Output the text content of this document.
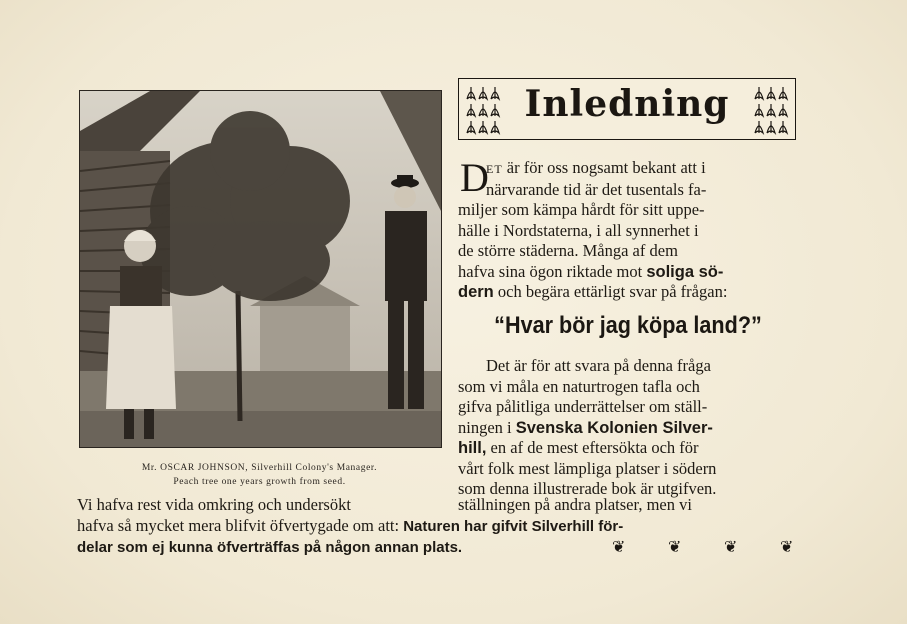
Mr. OSCAR JOHNSON, Silverhill Colony's Manager.
Peach tree one years growth from seed.
Inledning
D
ET är för oss nogsamt bekant att i
närvarande tid är det tusentals fa-
miljer som kämpa hårdt för sitt uppe-
hälle i Nordstaterna, i all synnerhet i
de större städerna. Många af dem
hafva sina ögon riktade mot soliga sö-
dern och begära ettärligt svar på frågan:
“Hvar bör jag köpa land?”
Det är för att svara på denna fråga
som vi måla en naturtrogen tafla och
gifva pålitliga underrättelser om ställ-
ningen i Svenska Kolonien Silver-
hill, en af de mest eftersökta och för
vårt folk mest lämpliga platser i södern
som denna illustrerade bok är utgifven.
Vi hafva rest vida omkring och undersökt	ställningen på andra platser, men vi
hafva så mycket mera blifvit öfvertygade om att: Naturen har gifvit Silverhill för-
delar som ej kunna öfverträffas på någon annan plats.	❦	❦	❦	❦
